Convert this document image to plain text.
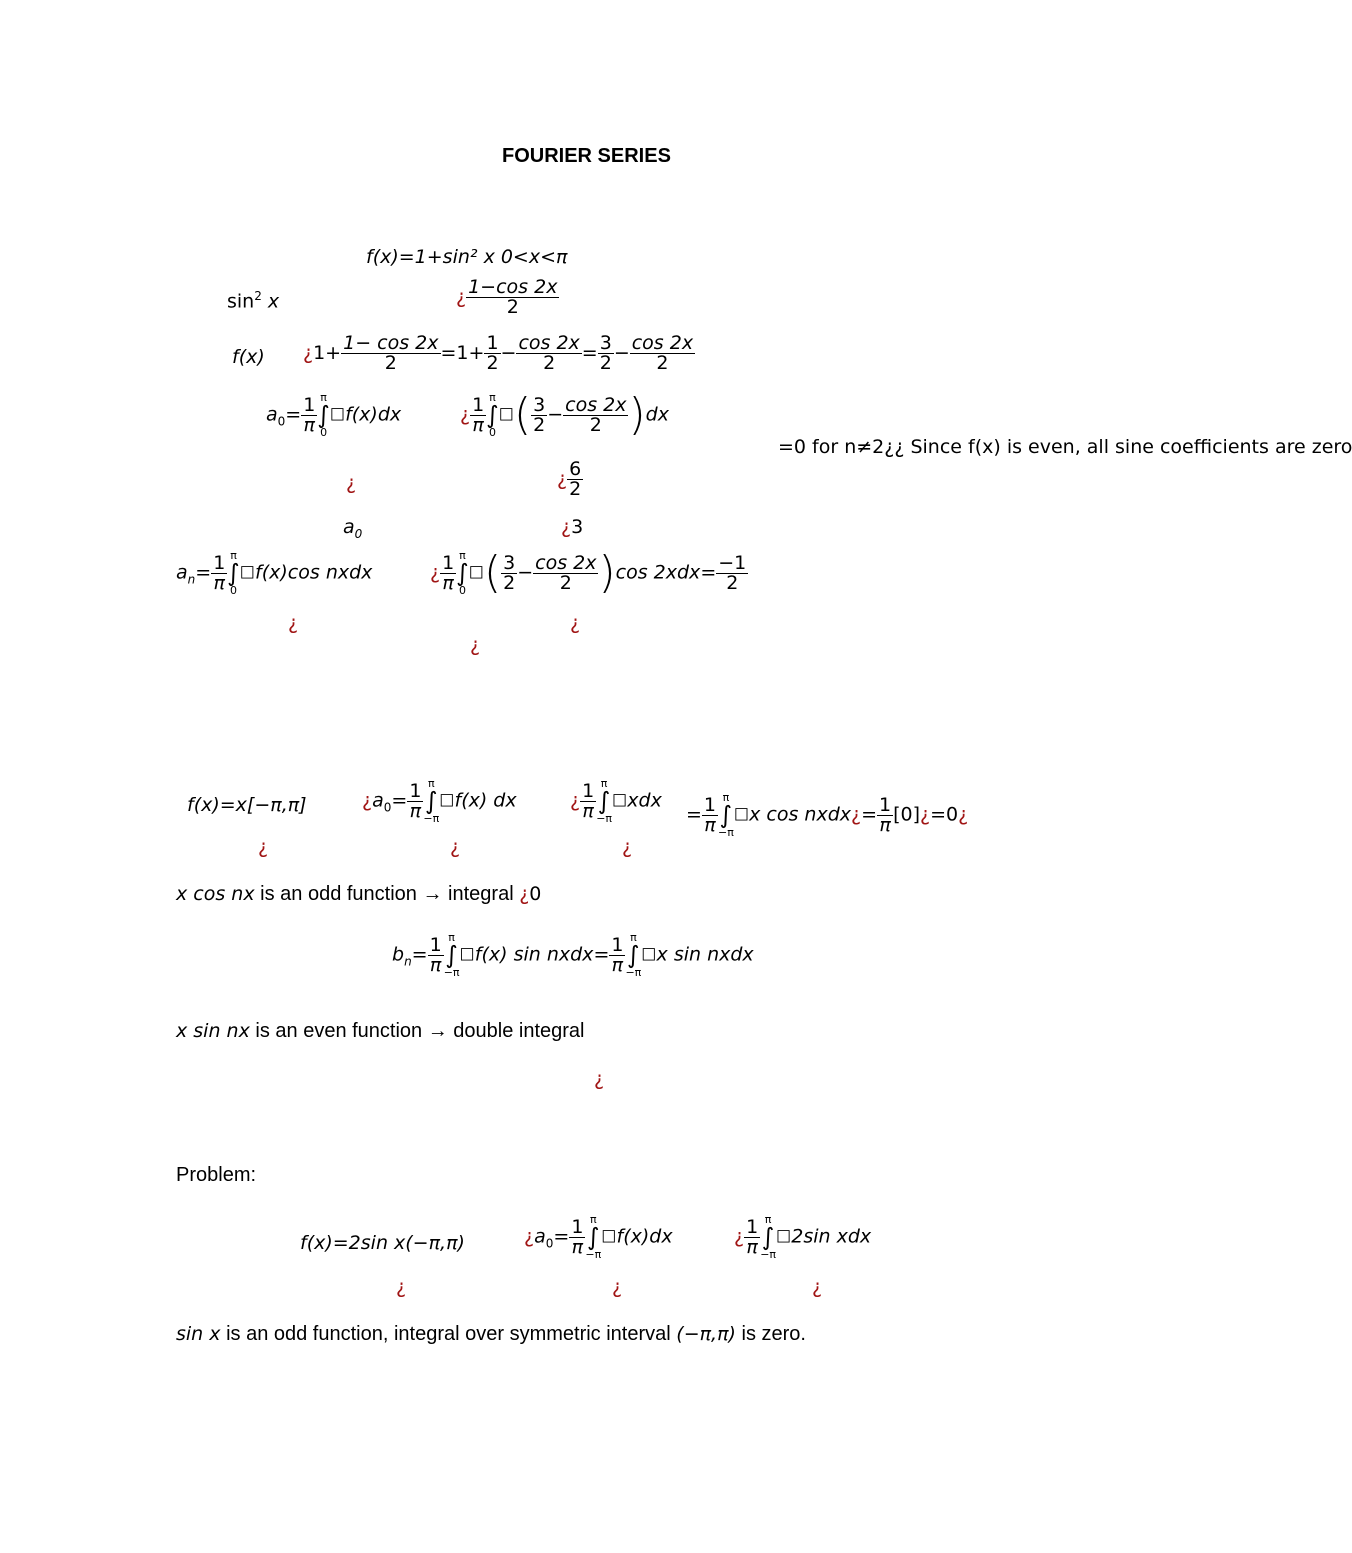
FOURIER SERIES
f(x)=1+sin² x 0<x<π
$\sin^2 x$	¿ $\frac{1-\cos 2x}{2}$
f(x) ¿$1+ \frac{1- \cos 2x}{2} =1+ \frac{1}{2} - \frac{\cos 2x}{2} = \frac{3}{2} - \frac{\cos 2x}{2}$
$a_0= \frac{1}{\pi}$ π
∫
0
☐f(x)dx	¿ $\frac{1}{\pi}$ π
∫
0
☐( $\frac{3}{2} - \frac{\cos 2x}{2} )dx$
=0 for n≠2¿¿ Since f(x) is even, all sine coefficients are zero
¿	¿ $\frac{6}{2}$
$a_0$	¿3
$a_n= \frac{1}{\pi}$ π
∫
0
☐f(x)cos nxdx	¿ $\frac{1}{\pi}$ π
∫
0
☐( $\frac{3}{2} - \frac{\cos 2x}{2} )\cos$ $2xdx= \frac{-1}{2}$
¿	¿
¿
f(x)=x[−π,π]	¿$a_0= \frac{1}{\pi}$ π
∫
−π
☐f(x) dx	¿ $\frac{1}{\pi}$ π
∫
−π
☐xdx
= $\frac{1}{\pi}$ π
∫
−π
☐x cos nxdx¿= $\frac{1}{\pi}$ [0]¿=0¿
¿	¿	¿
x cos nx is an odd function → integral ¿0
$b_n= \frac{1}{\pi}$ π
∫
−π
☐f(x) sin nxdx= $\frac{1}{\pi}$ π
∫
−π
☐x sin nxdx
x sin nx is an even function → double integral
¿
Problem:
f(x)=2sin x(−π,π)	¿$a_0= \frac{1}{\pi}$ π
∫
−π
☐f(x)dx	¿ $\frac{1}{\pi}$ π
∫
−π
☐2sin xdx
¿	¿	¿
sin x is an odd function, integral over symmetric interval (−π,π) is zero.
